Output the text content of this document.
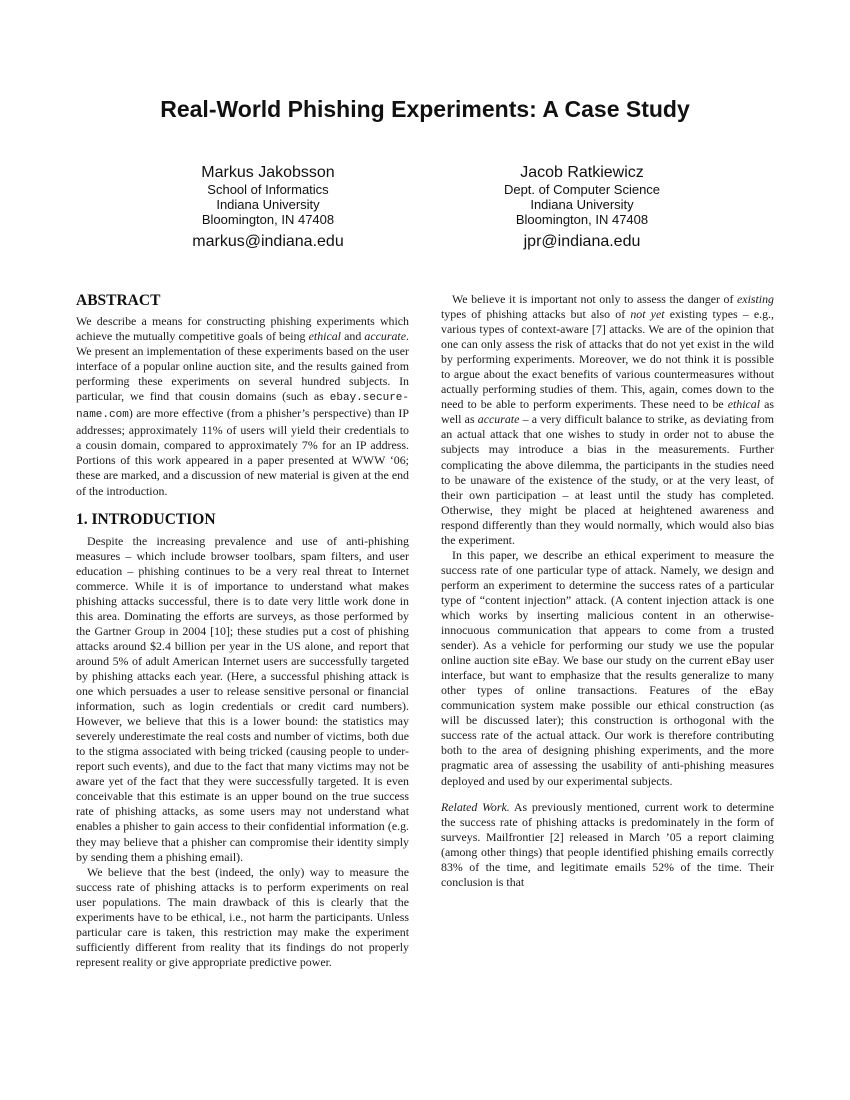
Real-World Phishing Experiments: A Case Study
Markus Jakobsson
School of Informatics
Indiana University
Bloomington, IN 47408
markus@indiana.edu
Jacob Ratkiewicz
Dept. of Computer Science
Indiana University
Bloomington, IN 47408
jpr@indiana.edu
ABSTRACT

We describe a means for constructing phishing experiments which achieve the mutually competitive goals of being ethical and accurate. We present an implementation of these experiments based on the user interface of a popular online auction site, and the results gained from performing these experiments on several hundred subjects. In particular, we find that cousin domains (such as ebay.secure-name.com) are more effective (from a phisher’s perspective) than IP addresses; approximately 11% of users will yield their credentials to a cousin domain, compared to approximately 7% for an IP address. Portions of this work appeared in a paper presented at WWW ‘06; these are marked, and a discussion of new material is given at the end of the introduction.

1. INTRODUCTION

Despite the increasing prevalence and use of anti-phishing measures – which include browser toolbars, spam filters, and user education – phishing continues to be a very real threat to Internet commerce. While it is of importance to understand what makes phishing attacks successful, there is to date very little work done in this area. Dominating the efforts are surveys, as those performed by the Gartner Group in 2004 [10]; these studies put a cost of phishing attacks around $2.4 billion per year in the US alone, and report that around 5% of adult American Internet users are successfully targeted by phishing attacks each year. (Here, a successful phishing attack is one which persuades a user to release sensitive personal or financial information, such as login credentials or credit card numbers). However, we believe that this is a lower bound: the statistics may severely underestimate the real costs and number of victims, both due to the stigma associated with being tricked (causing people to under-report such events), and due to the fact that many victims may not be aware yet of the fact that they were successfully targeted. It is even conceivable that this estimate is an upper bound on the true success rate of phishing attacks, as some users may not understand what enables a phisher to gain access to their confidential information (e.g. they may believe that a phisher can compromise their identity simply by sending them a phishing email).

We believe that the best (indeed, the only) way to measure the success rate of phishing attacks is to perform experiments on real user populations. The main drawback of this is clearly that the experiments have to be ethical, i.e., not harm the participants. Unless particular care is taken, this restriction may make the experiment sufficiently different from reality that its findings do not properly represent reality or give appropriate predictive power.

We believe it is important not only to assess the danger of existing types of phishing attacks but also of not yet existing types – e.g., various types of context-aware [7] attacks. We are of the opinion that one can only assess the risk of attacks that do not yet exist in the wild by performing experiments. Moreover, we do not think it is possible to argue about the exact benefits of various countermeasures without actually performing studies of them. This, again, comes down to the need to be able to perform experiments. These need to be ethical as well as accurate – a very difficult balance to strike, as deviating from an actual attack that one wishes to study in order not to abuse the subjects may introduce a bias in the measurements. Further complicating the above dilemma, the participants in the studies need to be unaware of the existence of the study, or at the very least, of their own participation – at least until the study has completed. Otherwise, they might be placed at heightened awareness and respond differently than they would normally, which would also bias the experiment.

In this paper, we describe an ethical experiment to measure the success rate of one particular type of attack. Namely, we design and perform an experiment to determine the success rates of a particular type of “content injection” attack. (A content injection attack is one which works by inserting malicious content in an otherwise-innocuous communication that appears to come from a trusted sender). As a vehicle for performing our study we use the popular online auction site eBay. We base our study on the current eBay user interface, but want to emphasize that the results generalize to many other types of online transactions. Features of the eBay communication system make possible our ethical construction (as will be discussed later); this construction is orthogonal with the success rate of the actual attack. Our work is therefore contributing both to the area of designing phishing experiments, and the more pragmatic area of assessing the usability of anti-phishing measures deployed and used by our experimental subjects.

Related Work. As previously mentioned, current work to determine the success rate of phishing attacks is predominately in the form of surveys. Mailfrontier [2] released in March ’05 a report claiming (among other things) that people identified phishing emails correctly 83% of the time, and legitimate emails 52% of the time. Their conclusion is that
